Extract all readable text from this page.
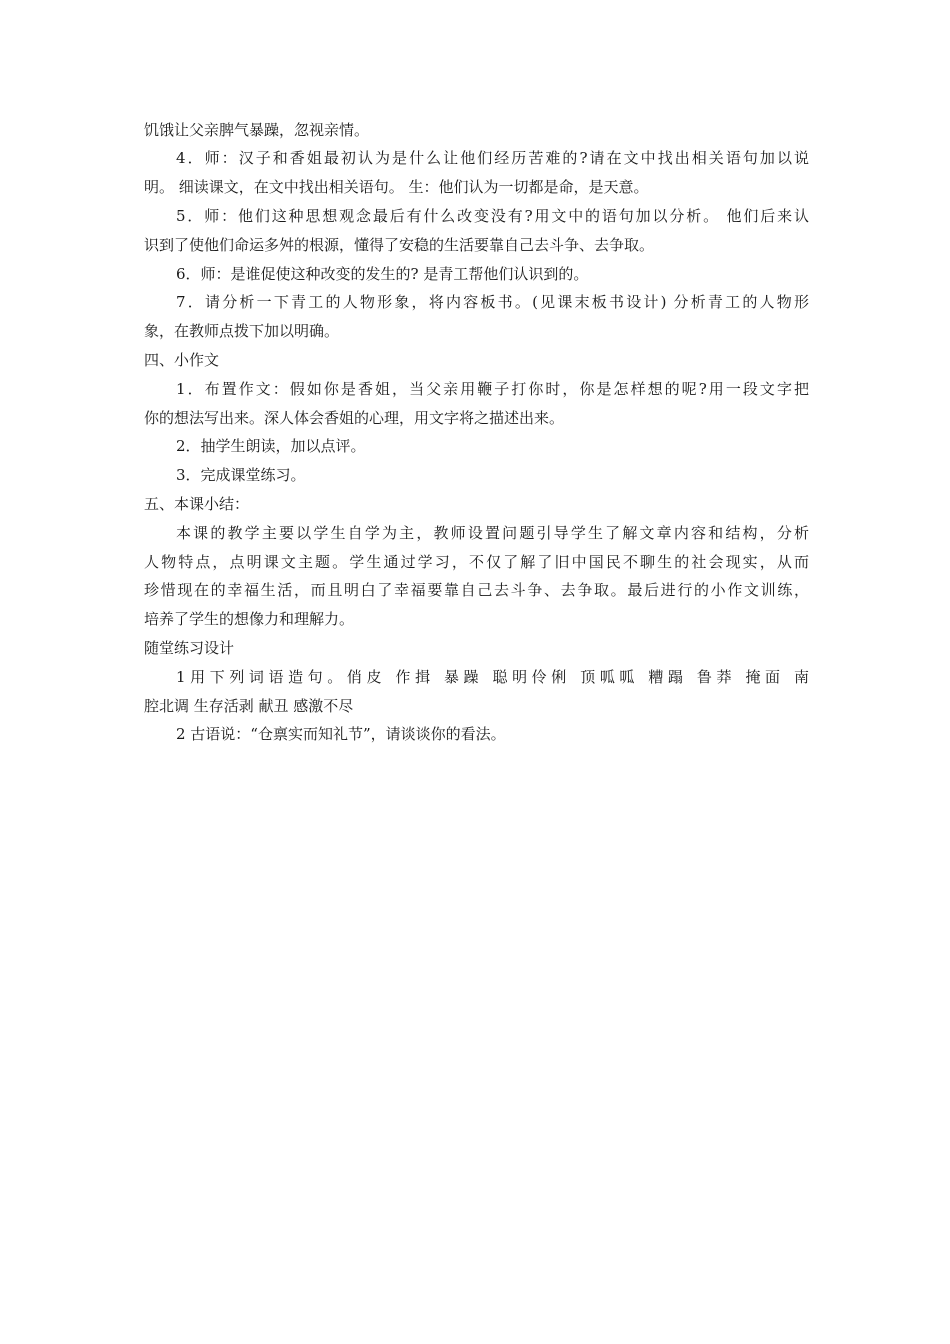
饥饿让父亲脾气暴躁，忽视亲情。
4．师：汉子和香姐最初认为是什么让他们经历苦难的?请在文中找出相关语句加以说
明。 细读课文，在文中找出相关语句。 生：他们认为一切都是命，是天意。
5．师：他们这种思想观念最后有什么改变没有?用文中的语句加以分析。 他们后来认
识到了使他们命运多舛的根源，懂得了安稳的生活要靠自己去斗争、去争取。
6．师：是谁促使这种改变的发生的? 是青工帮他们认识到的。
7．请分析一下青工的人物形象，将内容板书。(见课末板书设计) 分析青工的人物形
象，在教师点拨下加以明确。
四、小作文
1．布置作文：假如你是香姐，当父亲用鞭子打你时，你是怎样想的呢?用一段文字把
你的想法写出来。深人体会香姐的心理，用文字将之描述出来。
2．抽学生朗读，加以点评。
3．完成课堂练习。
五、本课小结：
本课的教学主要以学生自学为主，教师设置问题引导学生了解文章内容和结构，分析
人物特点，点明课文主题。学生通过学习，不仅了解了旧中国民不聊生的社会现实，从而
珍惜现在的幸福生活，而且明白了幸福要靠自己去斗争、去争取。最后进行的小作文训练，
培养了学生的想像力和理解力。
随堂练习设计
1用下列词语造句。俏皮 作揖 暴躁 聪明伶俐 顶呱呱 糟蹋 鲁莽 掩面 南
腔北调 生存活剥 献丑 感激不尽
2 古语说：“仓禀实而知礼节”，请谈谈你的看法。
